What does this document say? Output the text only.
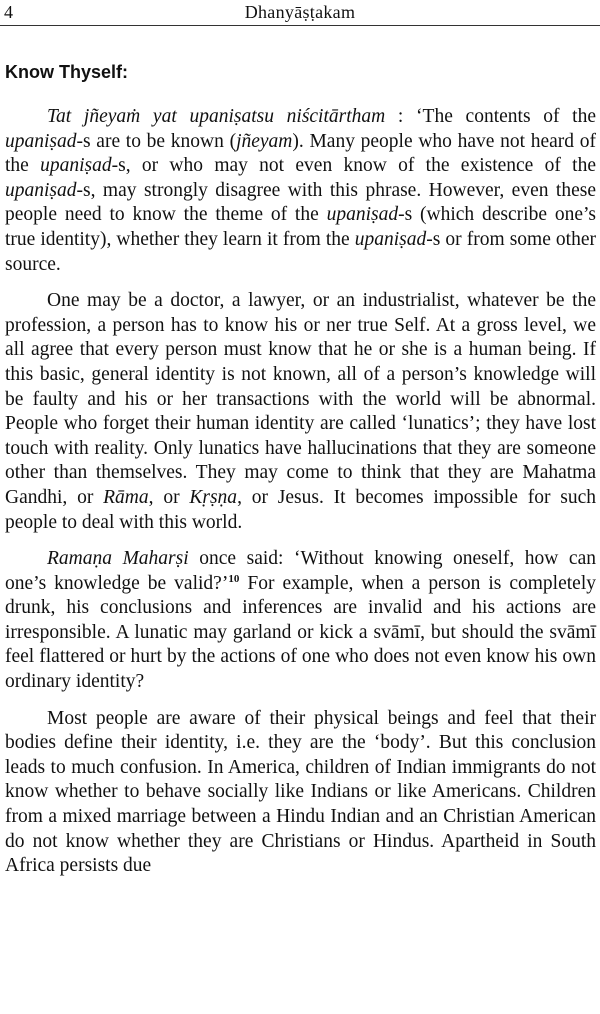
4	Dhanyāṣṭakam
Know Thyself:

Tat jñeyaṁ yat upaniṣatsu niścitārtham : ‘The contents of the upaniṣad-s are to be known (jñeyam). Many people who have not heard of the upaniṣad-s, or who may not even know of the existence of the upaniṣad-s, may strongly disagree with this phrase. However, even these people need to know the theme of the upaniṣad-s (which describe one’s true identity), whether they learn it from the upaniṣad-s or from some other source.

One may be a doctor, a lawyer, or an industrialist, whatever be the profession, a person has to know his or ner true Self. At a gross level, we all agree that every person must know that he or she is a human being. If this basic, general identity is not known, all of a person’s knowledge will be faulty and his or her transactions with the world will be abnormal. People who forget their human identity are called ‘lunatics’; they have lost touch with reality. Only lunatics have hallucinations that they are someone other than themselves. They may come to think that they are Mahatma Gandhi, or Rāma, or Kṛṣṇa, or Jesus. It becomes impossible for such people to deal with this world.

Ramaṇa Maharṣi once said: ‘Without knowing oneself, how can one’s knowledge be valid?’$^{10}$ For example, when a person is completely drunk, his conclusions and inferences are invalid and his actions are irresponsible. A lunatic may garland or kick a svāmī, but should the svāmī feel flattered or hurt by the actions of one who does not even know his own ordinary identity?

Most people are aware of their physical beings and feel that their bodies define their identity, i.e. they are the ‘body’. But this conclusion leads to much confusion. In America, children of Indian immigrants do not know whether to behave socially like Indians or like Americans. Children from a mixed marriage between a Hindu Indian and an Christian American do not know whether they are Christians or Hindus. Apartheid in South Africa persists due
